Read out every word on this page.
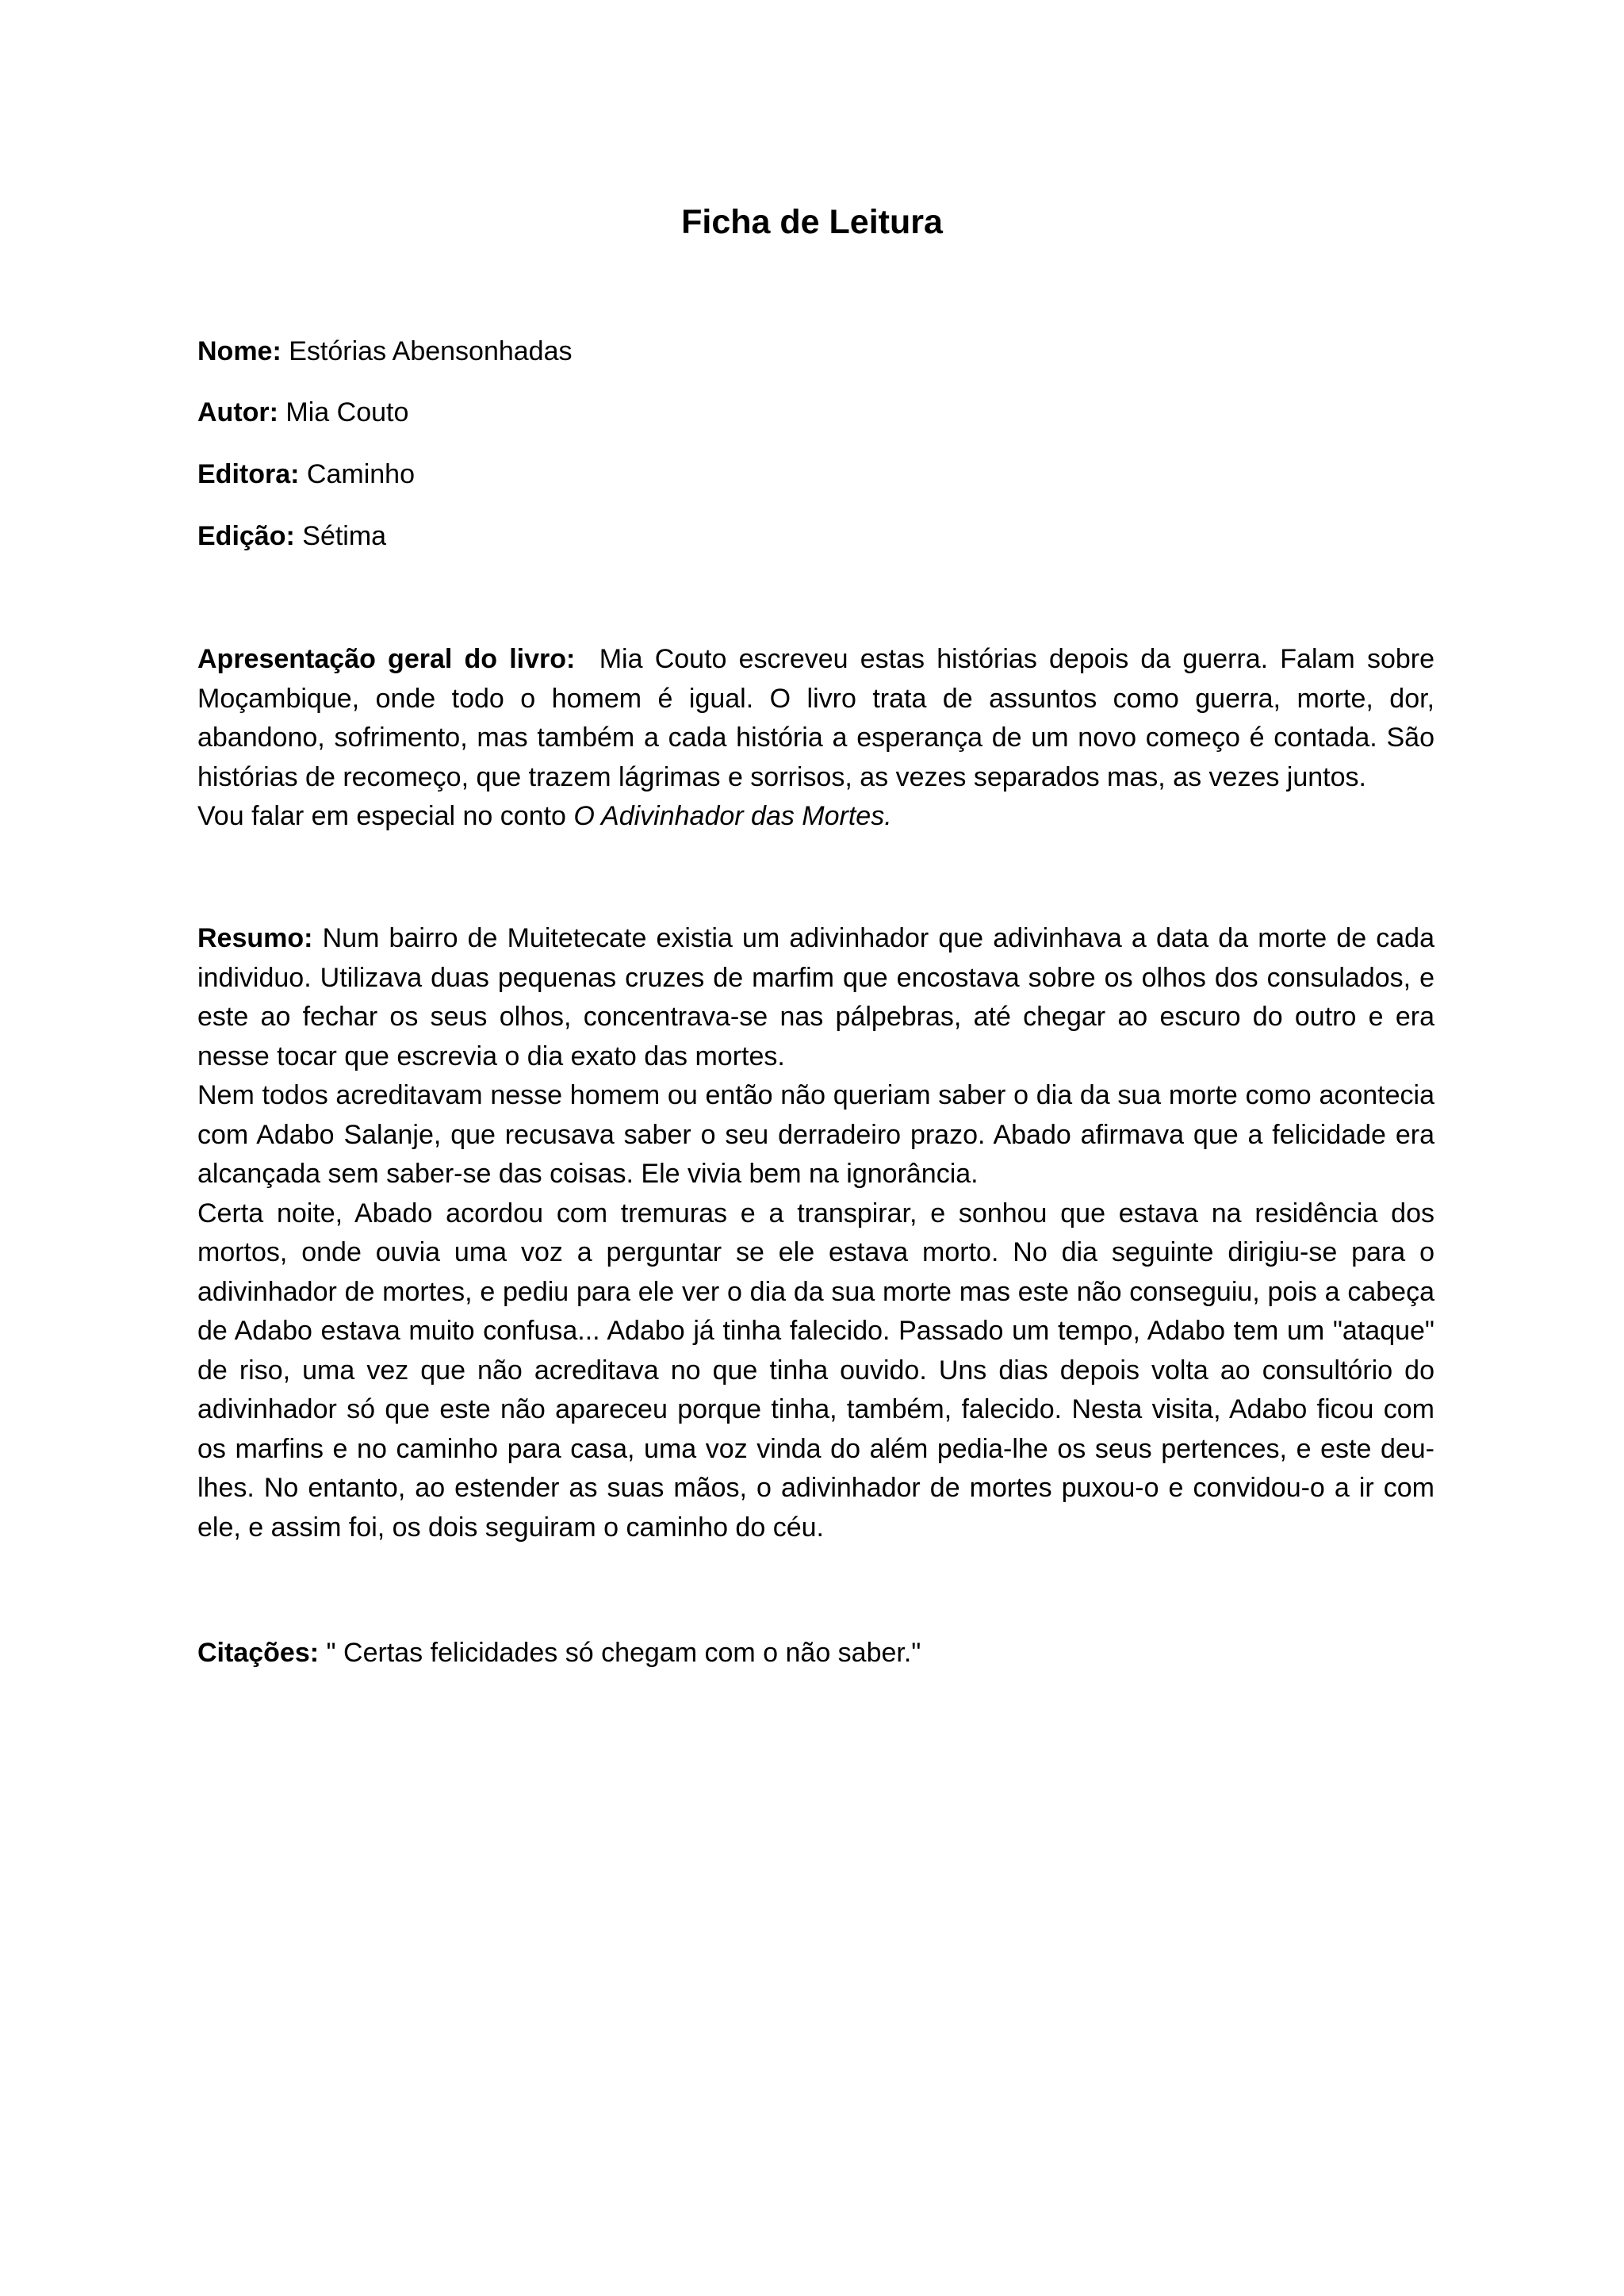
Ficha de Leitura
Nome: Estórias Abensonhadas
Autor: Mia Couto
Editora: Caminho
Edição: Sétima
Apresentação geral do livro: Mia Couto escreveu estas histórias depois da guerra. Falam sobre Moçambique, onde todo o homem é igual. O livro trata de assuntos como guerra, morte, dor, abandono, sofrimento, mas também a cada história a esperança de um novo começo é contada. São histórias de recomeço, que trazem lágrimas e sorrisos, as vezes separados mas, as vezes juntos.
Vou falar em especial no conto O Adivinhador das Mortes.
Resumo: Num bairro de Muitetecate existia um adivinhador que adivinhava a data da morte de cada individuo. Utilizava duas pequenas cruzes de marfim que encostava sobre os olhos dos consulados, e este ao fechar os seus olhos, concentrava-se nas pálpebras, até chegar ao escuro do outro e era nesse tocar que escrevia o dia exato das mortes.
Nem todos acreditavam nesse homem ou então não queriam saber o dia da sua morte como acontecia com Adabo Salanje, que recusava saber o seu derradeiro prazo. Abado afirmava que a felicidade era alcançada sem saber-se das coisas. Ele vivia bem na ignorância.
Certa noite, Abado acordou com tremuras e a transpirar, e sonhou que estava na residência dos mortos, onde ouvia uma voz a perguntar se ele estava morto. No dia seguinte dirigiu-se para o adivinhador de mortes, e pediu para ele ver o dia da sua morte mas este não conseguiu, pois a cabeça de Adabo estava muito confusa... Adabo já tinha falecido. Passado um tempo, Adabo tem um "ataque" de riso, uma vez que não acreditava no que tinha ouvido. Uns dias depois volta ao consultório do adivinhador só que este não apareceu porque tinha, também, falecido. Nesta visita, Adabo ficou com os marfins e no caminho para casa, uma voz vinda do além pedia-lhe os seus pertences, e este deu-lhes. No entanto, ao estender as suas mãos, o adivinhador de mortes puxou-o e convidou-o a ir com ele, e assim foi, os dois seguiram o caminho do céu.
Citações: " Certas felicidades só chegam com o não saber."
